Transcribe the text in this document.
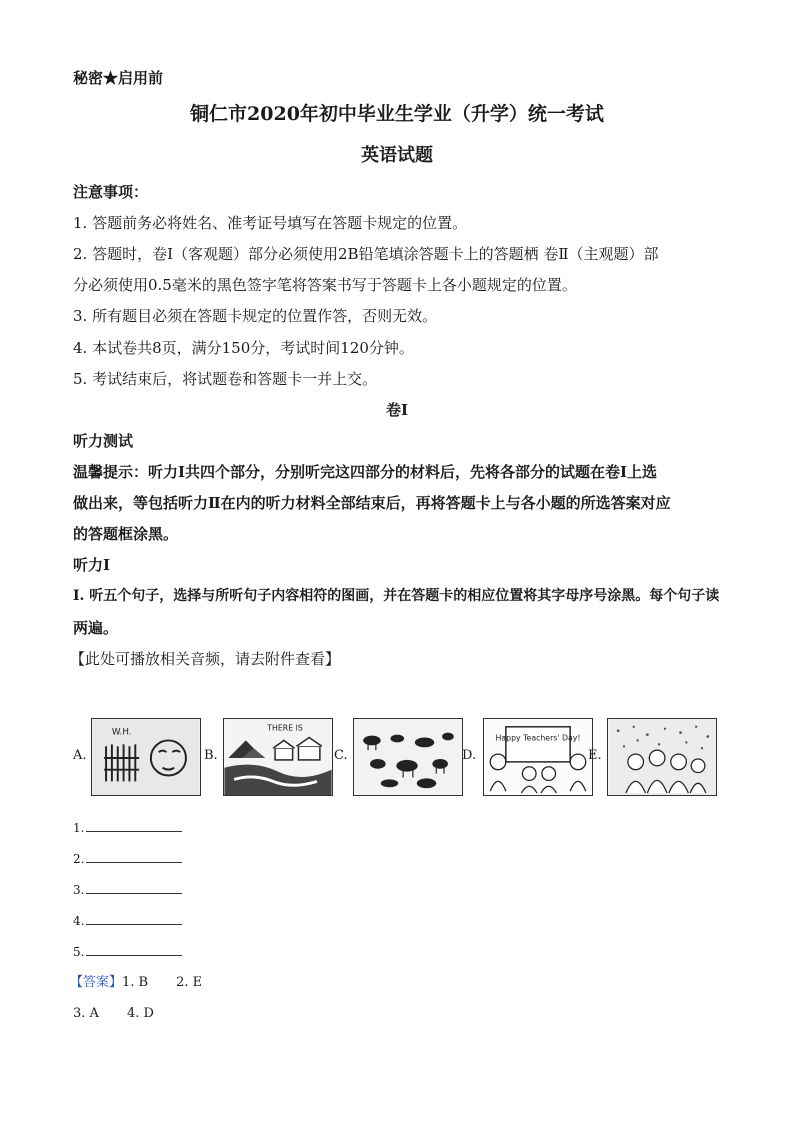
秘密★启用前
铜仁市2020年初中毕业生学业（升学）统一考试
英语试题
注意事项：
1. 答题前务必将姓名、准考证号填写在答题卡规定的位置。
2. 答题时，卷Ⅰ（客观题）部分必须使用2B铅笔填涂答题卡上的答题栖 卷Ⅱ（主观题）部
分必须使用0.5毫米的黑色签字笔将答案书写于答题卡上各小题规定的位置。
3. 所有题目必须在答题卡规定的位置作答，否则无效。
4. 本试卷共8页，满分150分，考试时间120分钟。
5. 考试结束后，将试题卷和答题卡一并上交。
卷Ⅰ
听力测试
温馨提示：听力Ⅰ共四个部分，分别听完这四部分的材料后，先将各部分的试题在卷Ⅰ上选
做出来，等包括听力Ⅱ在内的听力材料全部结束后，再将答题卡上与各小题的所选答案对应
的答题框涂黑。
听力Ⅰ
Ⅰ. 听五个句子，选择与所听句子内容相符的图画，并在答题卡的相应位置将其字母序号涂黑。每个句子读
两遍。
【此处可播放相关音频，请去附件查看】
A.
W.H.
B.
THERE IS
C.	D.
Happy Teachers' Day!
E.
1.
2.
3.
4.
5.
【答案】1. B 2. E
3. A 4. D
